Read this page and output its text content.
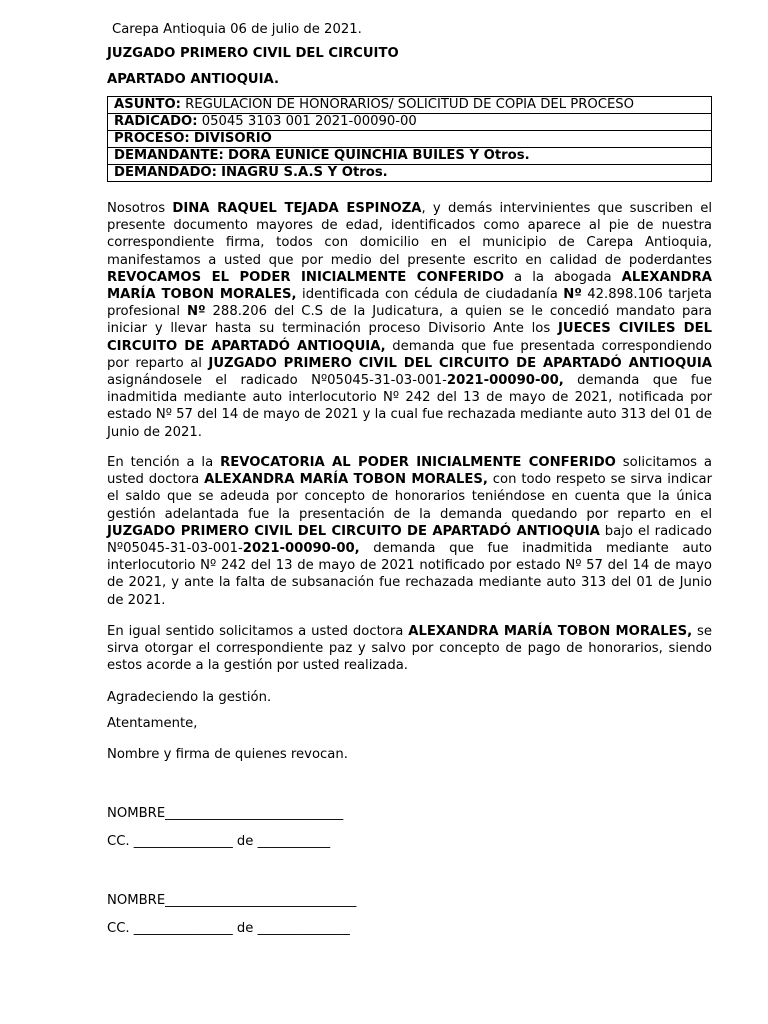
Carepa Antioquia 06 de julio de 2021.
JUZGADO PRIMERO CIVIL DEL CIRCUITO
APARTADO ANTIOQUIA.
ASUNTO: REGULACION DE HONORARIOS/ SOLICITUD DE COPIA DEL PROCESO
RADICADO: 05045 3103 001 2021-00090-00
PROCESO: DIVISORIO
DEMANDANTE: DORA EUNICE QUINCHIA BUILES Y Otros.
DEMANDADO: INAGRU S.A.S Y Otros.

Nosotros DINA RAQUEL TEJADA ESPINOZA, y demás intervinientes que suscriben el presente documento mayores de edad, identificados como aparece al pie de nuestra correspondiente firma, todos con domicilio en el municipio de Carepa Antioquia, manifestamos a usted que por medio del presente escrito en calidad de poderdantes REVOCAMOS EL PODER INICIALMENTE CONFERIDO a la abogada ALEXANDRA MARÍA TOBON MORALES, identificada con cédula de ciudadanía Nº 42.898.106 tarjeta profesional Nº 288.206 del C.S de la Judicatura, a quien se le concedió mandato para iniciar y llevar hasta su terminación proceso Divisorio Ante los JUECES CIVILES DEL CIRCUITO DE APARTADÓ ANTIOQUIA, demanda que fue presentada correspondiendo por reparto al JUZGADO PRIMERO CIVIL DEL CIRCUITO DE APARTADÓ ANTIOQUIA asignándosele el radicado Nº05045-31-03-001-2021-00090-00, demanda que fue inadmitida mediante auto interlocutorio Nº 242 del 13 de mayo de 2021, notificada por estado Nº 57 del 14 de mayo de 2021 y la cual fue rechazada mediante auto 313 del 01 de Junio de 2021.

En tención a la REVOCATORIA AL PODER INICIALMENTE CONFERIDO solicitamos a usted doctora ALEXANDRA MARÍA TOBON MORALES, con todo respeto se sirva indicar el saldo que se adeuda por concepto de honorarios teniéndose en cuenta que la única gestión adelantada fue la presentación de la demanda quedando por reparto en el JUZGADO PRIMERO CIVIL DEL CIRCUITO DE APARTADÓ ANTIOQUIA bajo el radicado Nº05045-31-03-001-2021-00090-00, demanda que fue inadmitida mediante auto interlocutorio Nº 242 del 13 de mayo de 2021 notificado por estado Nº 57 del 14 de mayo de 2021, y ante la falta de subsanación fue rechazada mediante auto 313 del 01 de Junio de 2021.

En igual sentido solicitamos a usted doctora ALEXANDRA MARÍA TOBON MORALES, se sirva otorgar el correspondiente paz y salvo por concepto de pago de honorarios, siendo estos acorde a la gestión por usted realizada.

Agradeciendo la gestión.
Atentamente,
Nombre y firma de quienes revocan.
NOMBRE___________________________
CC. _______________ de ___________
NOMBRE_____________________________
CC. _______________ de ______________
